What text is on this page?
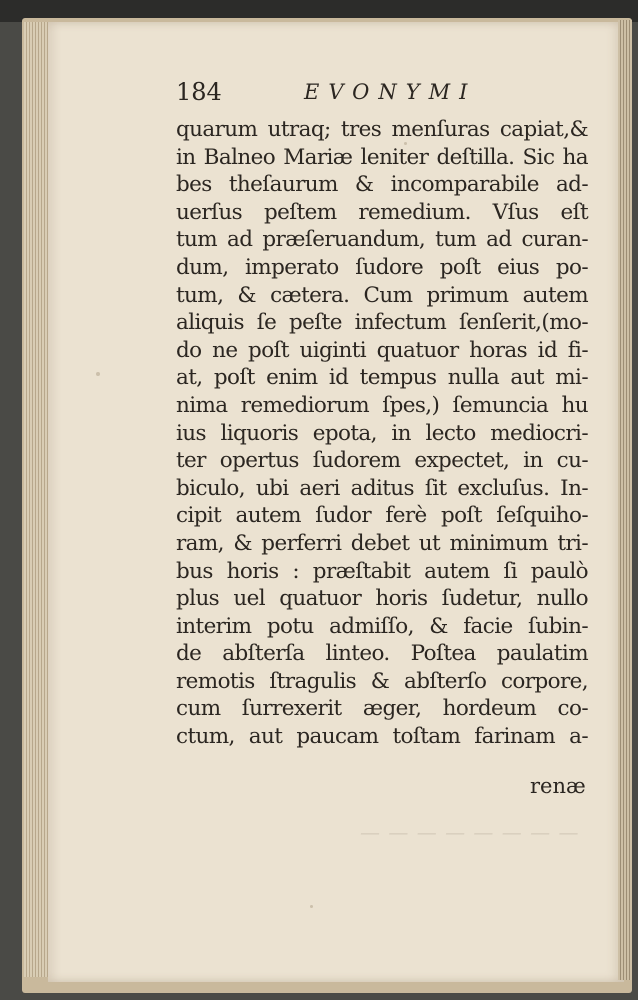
— — — — — — — —
184	EVONYMI
quarum utraq; tres menſuras capiat,&
in Balneo Mariæ leniter deſtilla. Sic ha
bes theſaurum & incomparabile ad-
uerſus peſtem remedium. Vſus eſt
tum ad præſeruandum, tum ad curan-
dum, imperato ſudore poſt eius po-
tum, & cætera. Cum primum autem
aliquis ſe peſte infectum ſenſerit,(mo-
do ne poſt uiginti quatuor horas id fi-
at, poſt enim id tempus nulla aut mi-
nima remediorum ſpes,) ſemuncia hu
ius liquoris epota, in lecto mediocri-
ter opertus ſudorem expectet, in cu-
biculo, ubi aeri aditus ſit excluſus. In-
cipit autem ſudor ferè poſt ſeſquiho-
ram, & perferri debet ut minimum tri-
bus horis : præſtabit autem ſi paulò
plus uel quatuor horis ſudetur, nullo
interim potu admiſſo, & facie ſubin-
de abſterſa linteo. Poſtea paulatim
remotis ſtragulis & abſterſo corpore,
cum ſurrexerit æger, hordeum co-
ctum, aut paucam toſtam farinam a-
renæ
